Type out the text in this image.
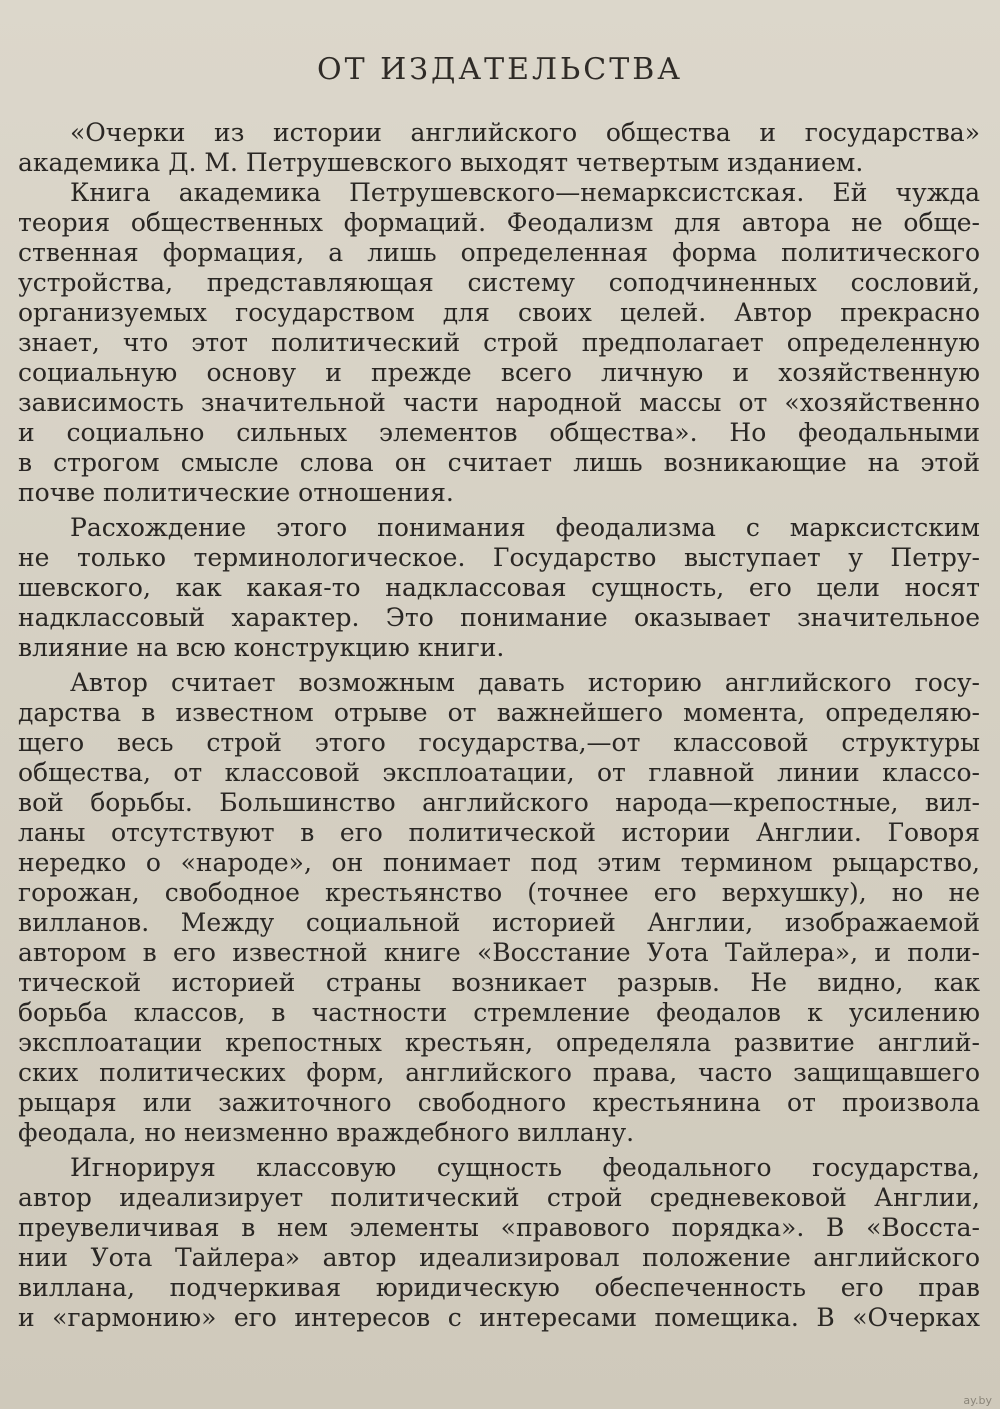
ОТ ИЗДАТЕЛЬСТВА
«Очерки из истории английского общества и государства»
академика Д. М. Петрушевского выходят четвертым изданием.
Книга академика Петрушевского—немарксистская. Ей чужда
теория общественных формаций. Феодализм для автора не обще-
ственная формация, а лишь определенная форма политического
устройства, представляющая систему соподчиненных сословий,
организуемых государством для своих целей. Автор прекрасно
знает, что этот политический строй предполагает определенную
социальную основу и прежде всего личную и хозяйственную
зависимость значительной части народной массы от «хозяйственно
и социально сильных элементов общества». Но феодальными
в строгом смысле слова он считает лишь возникающие на этой
почве политические отношения.
Расхождение этого понимания феодализма с марксистским
не только терминологическое. Государство выступает у Петру-
шевского, как какая-то надклассовая сущность, его цели носят
надклассовый характер. Это понимание оказывает значительное
влияние на всю конструкцию книги.
Автор считает возможным давать историю английского госу-
дарства в известном отрыве от важнейшего момента, определяю-
щего весь строй этого государства,—от классовой структуры
общества, от классовой эксплоатации, от главной линии классо-
вой борьбы. Большинство английского народа—крепостные, вил-
ланы отсутствуют в его политической истории Англии. Говоря
нередко о «народе», он понимает под этим термином рыцарство,
горожан, свободное крестьянство (точнее его верхушку), но не
вилланов. Между социальной историей Англии, изображаемой
автором в его известной книге «Восстание Уота Тайлера», и поли-
тической историей страны возникает разрыв. Не видно, как
борьба классов, в частности стремление феодалов к усилению
эксплоатации крепостных крестьян, определяла развитие англий-
ских политических форм, английского права, часто защищавшего
рыцаря или зажиточного свободного крестьянина от произвола
феодала, но неизменно враждебного виллану.
Игнорируя классовую сущность феодального государства,
автор идеализирует политический строй средневековой Англии,
преувеличивая в нем элементы «правового порядка». В «Восста-
нии Уота Тайлера» автор идеализировал положение английского
виллана, подчеркивая юридическую обеспеченность его прав
и «гармонию» его интересов с интересами помещика. В «Очерках
ay.by
